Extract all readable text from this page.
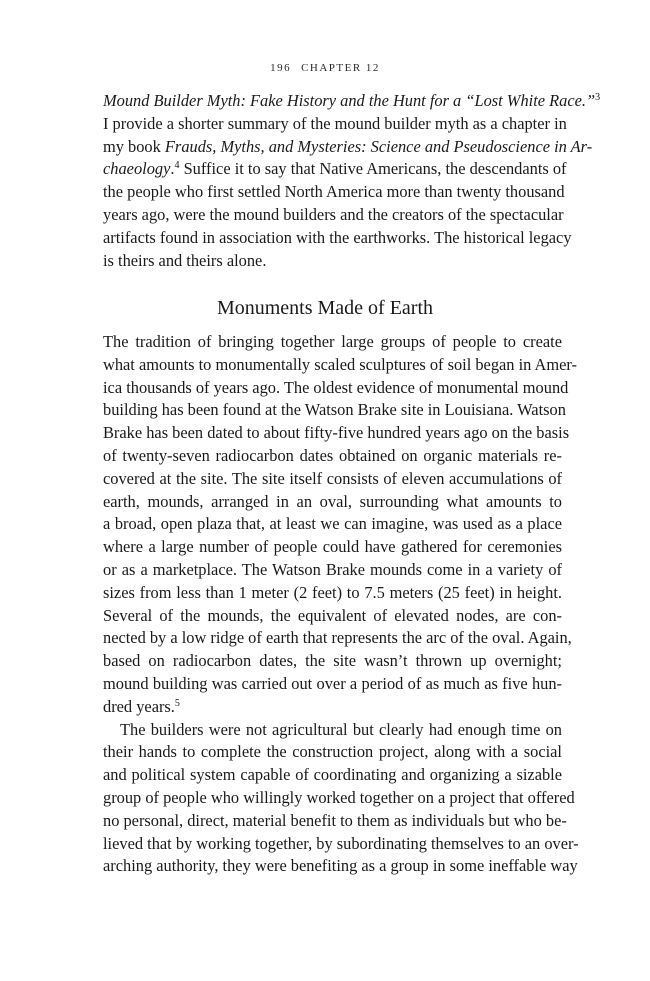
196 CHAPTER 12
Mound Builder Myth: Fake History and the Hunt for a “Lost White Race.”$^3$
I provide a shorter summary of the mound builder myth as a chapter in
my book Frauds, Myths, and Mysteries: Science and Pseudoscience in Ar-
chaeology.$^4$ Suffice it to say that Native Americans, the descendants of
the people who first settled North America more than twenty thousand
years ago, were the mound builders and the creators of the spectacular
artifacts found in association with the earthworks. The historical legacy
is theirs and theirs alone.
Monuments Made of Earth
The tradition of bringing together large groups of people to create
what amounts to monumentally scaled sculptures of soil began in Amer-
ica thousands of years ago. The oldest evidence of monumental mound
building has been found at the Watson Brake site in Louisiana. Watson
Brake has been dated to about fifty-five hundred years ago on the basis
of twenty-seven radiocarbon dates obtained on organic materials re-
covered at the site. The site itself consists of eleven accumulations of
earth, mounds, arranged in an oval, surrounding what amounts to
a broad, open plaza that, at least we can imagine, was used as a place
where a large number of people could have gathered for ceremonies
or as a marketplace. The Watson Brake mounds come in a variety of
sizes from less than 1 meter (2 feet) to 7.5 meters (25 feet) in height.
Several of the mounds, the equivalent of elevated nodes, are con-
nected by a low ridge of earth that represents the arc of the oval. Again,
based on radiocarbon dates, the site wasn’t thrown up overnight;
mound building was carried out over a period of as much as five hun-
dred years.$^5$
The builders were not agricultural but clearly had enough time on
their hands to complete the construction project, along with a social
and political system capable of coordinating and organizing a sizable
group of people who willingly worked together on a project that offered
no personal, direct, material benefit to them as individuals but who be-
lieved that by working together, by subordinating themselves to an over-
arching authority, they were benefiting as a group in some ineffable way
